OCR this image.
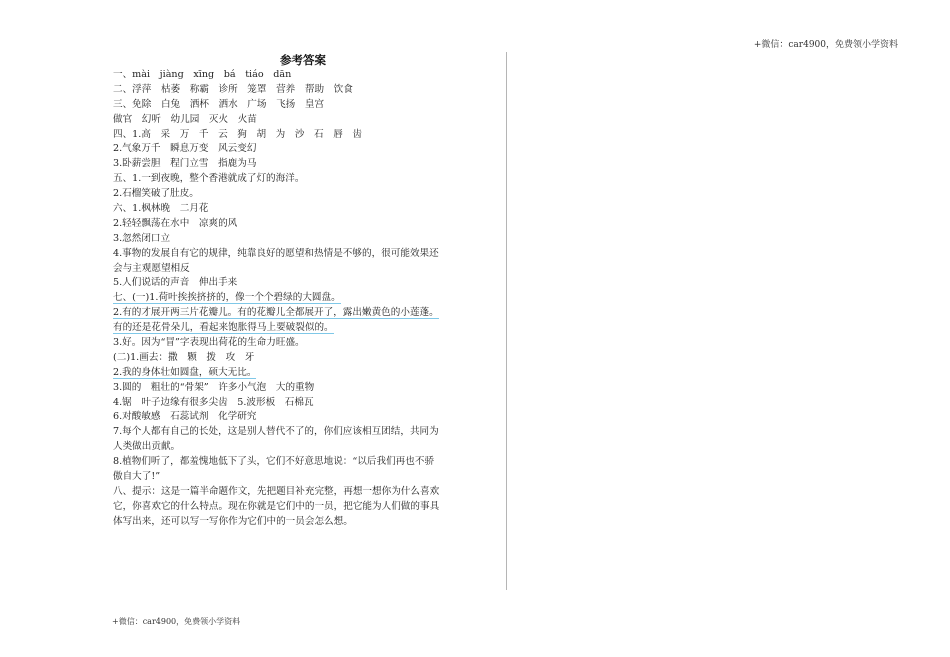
+微信：car4900，免费领小学资料
参考答案
一、mài　jiàng　xīng　bá　tiáo　dān
二、浮萍　枯萎　称霸　诊所　笼罩　营养　帮助　饮食
三、免除　白兔　洒杯　洒水　广场　飞扬　皇宫
做官　幻听　幼儿园　灭火　火苗
四、1.高　采　万　千　云　狗　胡　为　沙　石　唇　齿
2.气象万千　瞬息万变　风云变幻
3.卧薪尝胆　程门立雪　指鹿为马
五、1.一到夜晚，整个香港就成了灯的海洋。
2.石榴笑破了肚皮。
六、1.枫林晚　二月花
2.轻轻飘荡在水中　凉爽的风
3.忽然闭口立
4.事物的发展自有它的规律，纯靠良好的愿望和热情是不够的，很可能效果还
会与主观愿望相反
5.人们说话的声音　伸出手来
七、(一)1.荷叶挨挨挤挤的，像一个个碧绿的大圆盘。
2.有的才展开两三片花瓣儿。有的花瓣儿全都展开了，露出嫩黄色的小莲蓬。
有的还是花骨朵儿，看起来饱胀得马上要破裂似的。
3.好。因为“冒”字表现出荷花的生命力旺盛。
(二)1.画去：撒　颗　拨　攻　牙
2.我的身体壮如圆盘，硕大无比。
3.圆的　粗壮的“骨架”　许多小气泡　大的重物
4.锯　叶子边缘有很多尖齿　5.波形板　石棉瓦
6.对酸敏感　石蕊试剂　化学研究
7.每个人都有自己的长处，这是别人替代不了的，你们应该相互团结，共同为
人类做出贡献。
8.植物们听了，都羞愧地低下了头，它们不好意思地说：“以后我们再也不骄
傲自大了!”
八、提示：这是一篇半命题作文，先把题目补充完整，再想一想你为什么喜欢
它，你喜欢它的什么特点。现在你就是它们中的一员，把它能为人们做的事具
体写出来，还可以写一写你作为它们中的一员会怎么想。
+微信：car4900，免费领小学资料
